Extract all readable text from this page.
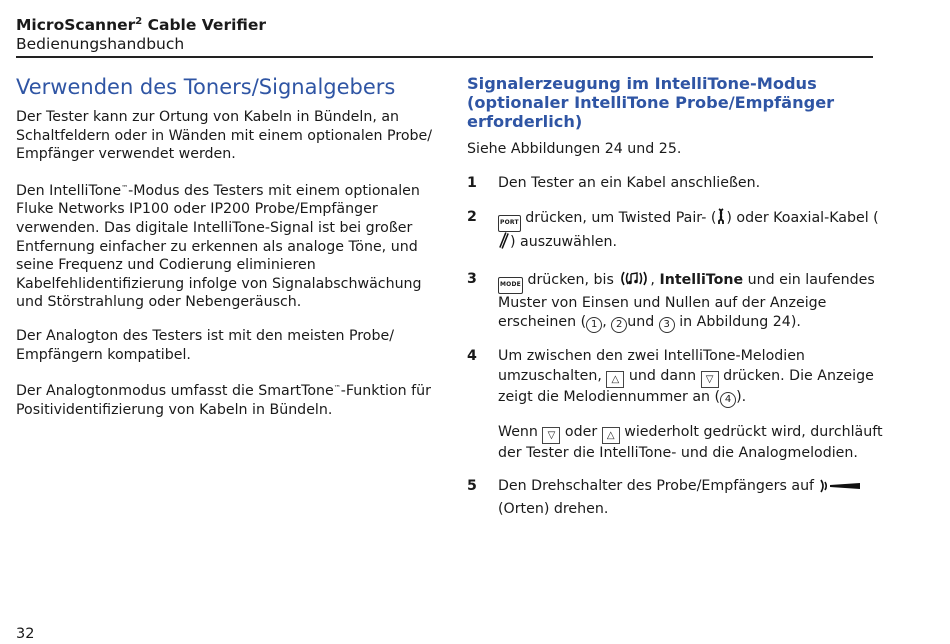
MicroScanner$^2$ Cable Verifier
Bedienungshandbuch
Verwenden des Toners/Signalgebers

Der Tester kann zur Ortung von Kabeln in Bündeln, an Schaltfeldern oder in Wänden mit einem optionalen Probe/ Empfänger verwendet werden.

Den IntelliTone™-Modus des Testers mit einem optionalen Fluke Networks IP100 oder IP200 Probe/Empfänger verwenden. Das digitale IntelliTone-Signal ist bei großer Entfernung einfacher zu erkennen als analoge Töne, und seine Frequenz und Codierung eliminieren Kabelfehlidentifizierung infolge von Signalabschwächung und Störstrahlung oder Nebengeräusch.

Der Analogton des Testers ist mit den meisten Probe/ Empfängern kompatibel.

Der Analogtonmodus umfasst die SmartTone™-Funktion für Positividentifizierung von Kabeln in Bündeln.

Signalerzeugung im IntelliTone-Modus (optionaler IntelliTone Probe/Empfänger erforderlich)
Siehe Abbildungen 24 und 25.
1 Den Tester an ein Kabel anschließen.
2	PORT drücken, um Twisted Pair- ( ) oder Koaxial-Kabel () auszuwählen.
3	MODE drücken, bis , IntelliTone und ein laufendes Muster von Einsen und Nullen auf der Anzeige erscheinen ( 1 , 2 und 3 in Abbildung 24).
4 Um zwischen den zwei IntelliTone-Melodien umzuschalten, △ und dann ▽ drücken. Die Anzeige zeigt die Melodiennummer an ( 4 ).
Wenn ▽ oder △ wiederholt gedrückt wird, durchläuft der Tester die IntelliTone- und die Analogmelodien.
5 Den Drehschalter des Probe/Empfängers auf
(Orten) drehen.
32
